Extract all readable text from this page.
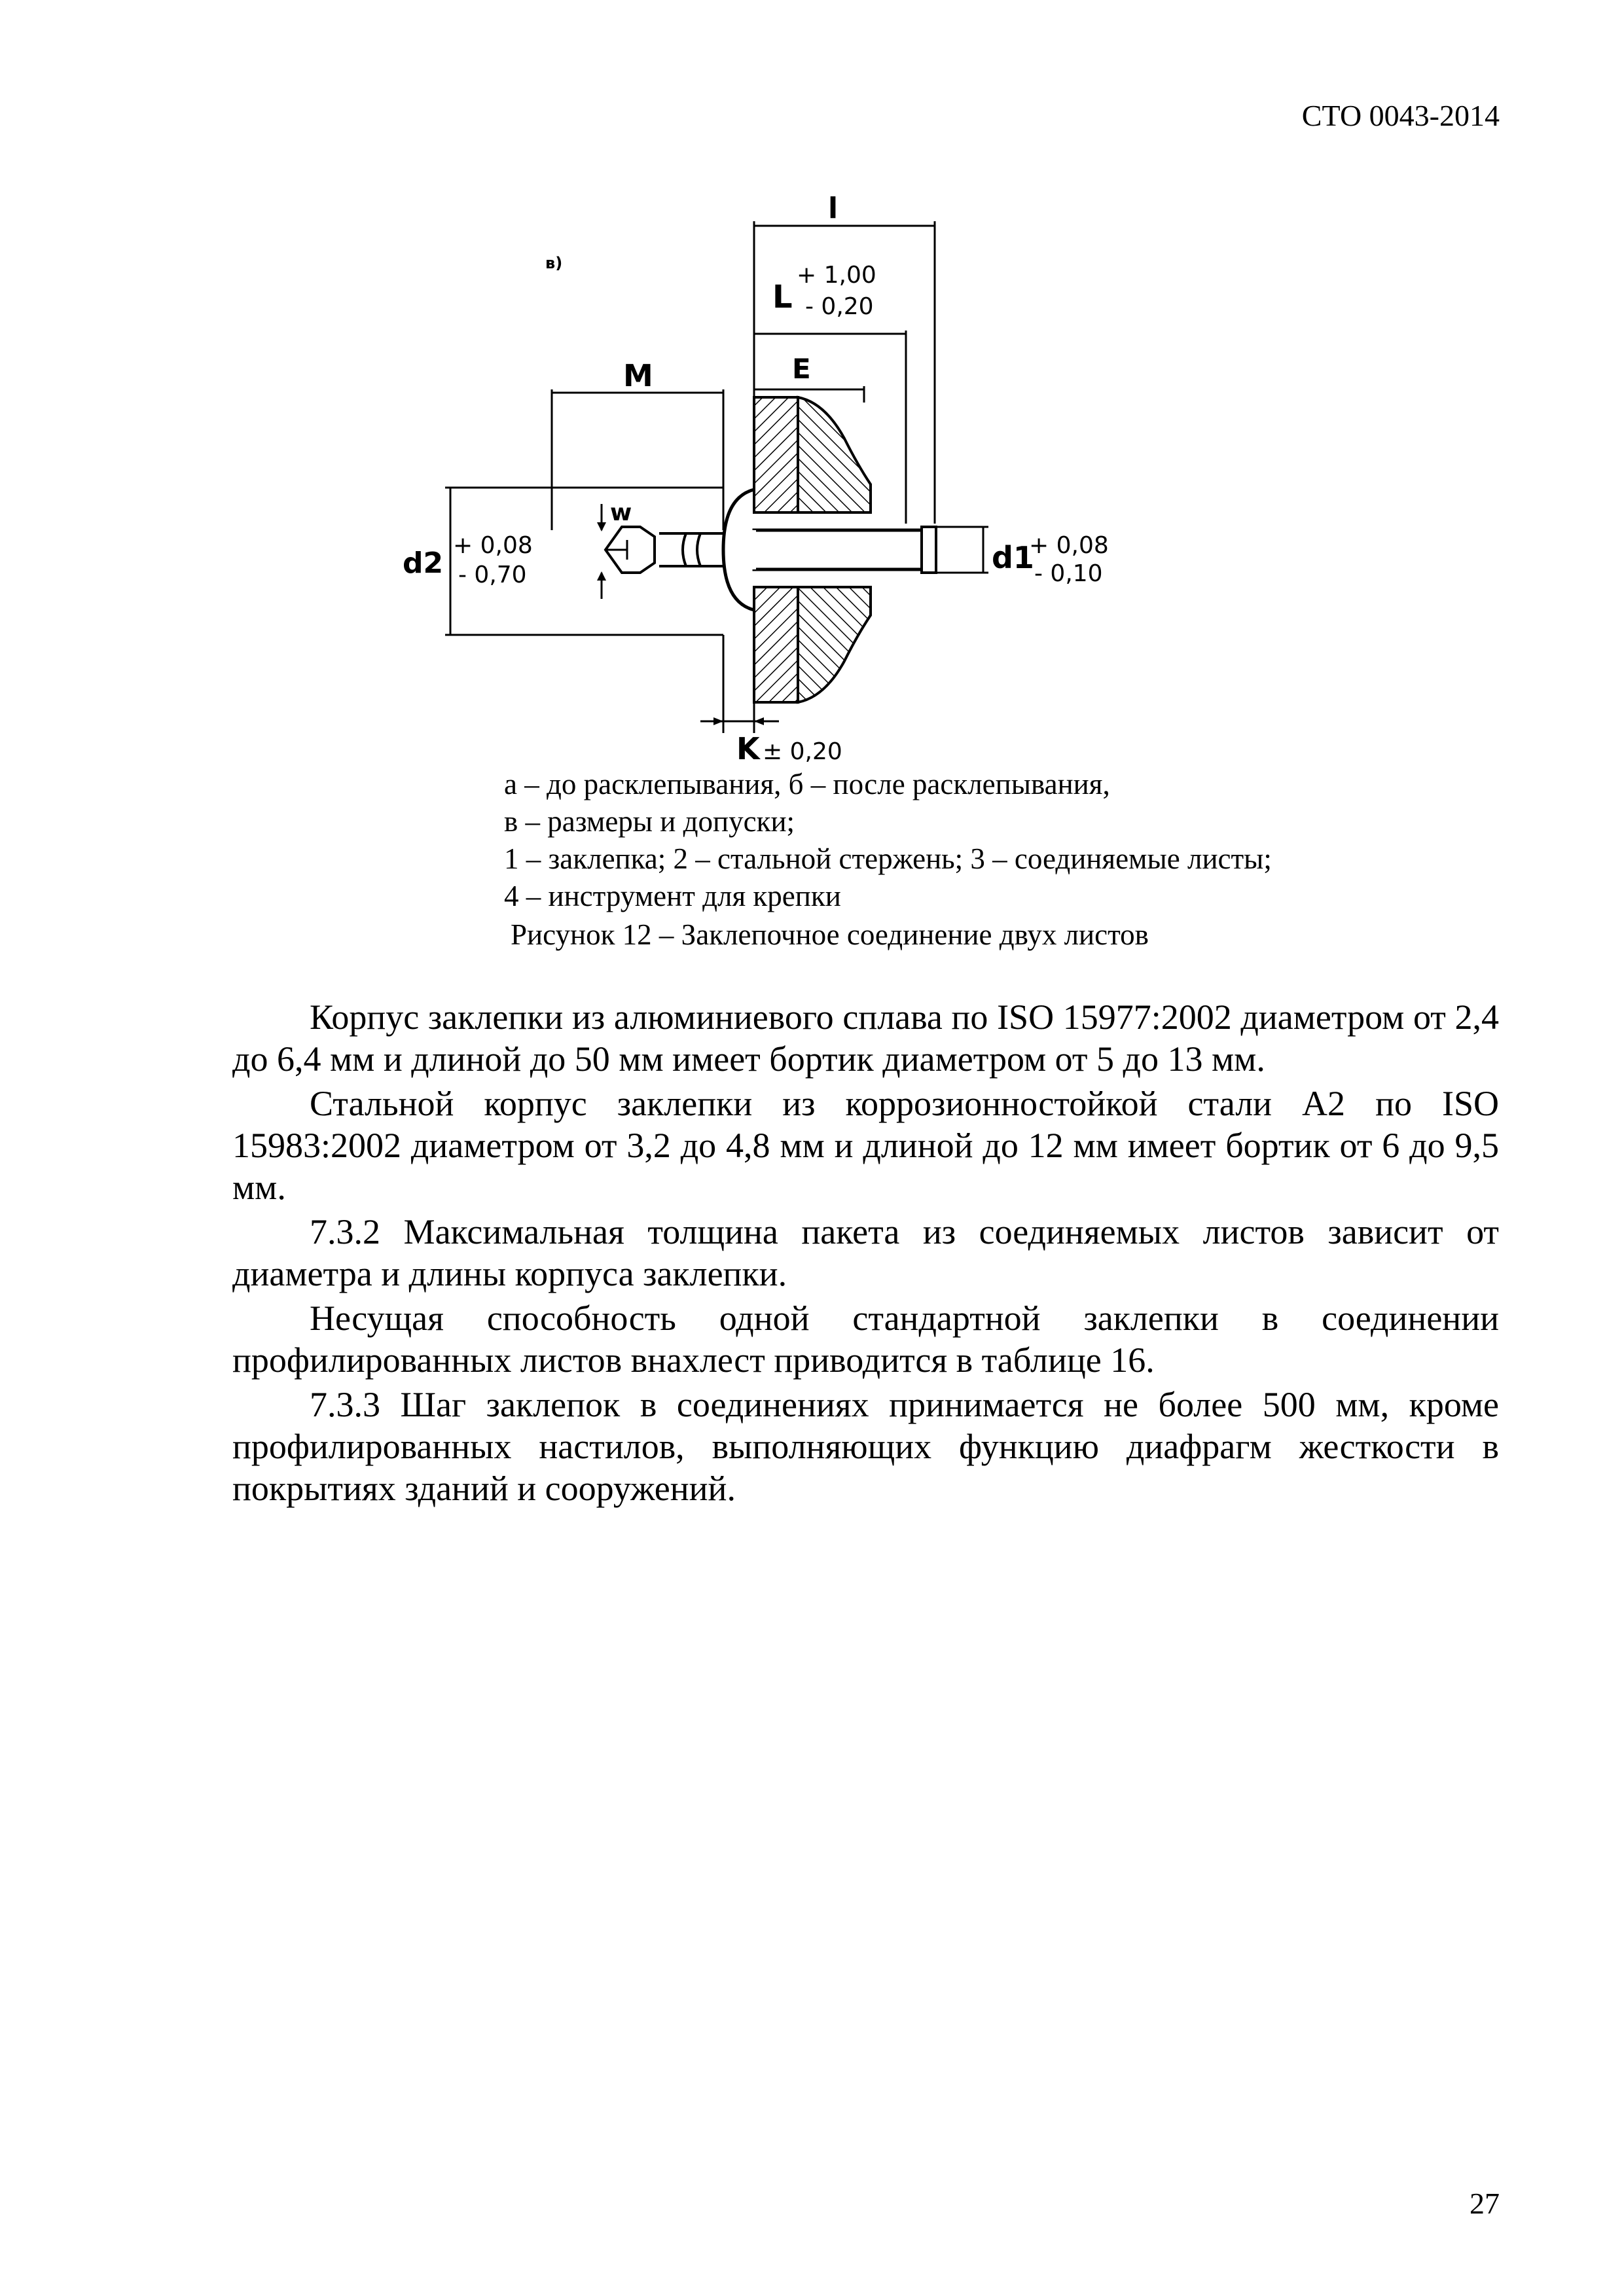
СТО 0043-2014
в)
l
L
+ 1,00
- 0,20
E
M
w
d2
+ 0,08
- 0,70	d1
+ 0,08
- 0,10
K ± 0,20
а – до расклепывания, б – после расклепывания,
в – размеры и допуски;
1 – заклепка; 2 – стальной стержень; 3 – соединяемые листы;
4 – инструмент для крепки
Рисунок 12 – Заклепочное соединение двух листов

Корпус заклепки из алюминиевого сплава по ISO 15977:2002 диаметром от 2,4 до 6,4 мм и длиной до 50 мм имеет бортик диаметром от 5 до 13 мм.

Стальной корпус заклепки из коррозионностойкой стали A2 по ISO 15983:2002 диаметром от 3,2 до 4,8 мм и длиной до 12 мм имеет бортик от 6 до 9,5 мм.

7.3.2 Максимальная толщина пакета из соединяемых листов зависит от диаметра и длины корпуса заклепки.

Несущая способность одной стандартной заклепки в соединении профилированных листов внахлест приводится в таблице 16.

7.3.3 Шаг заклепок в соединениях принимается не более 500 мм, кроме профилированных настилов, выполняющих функцию диафрагм жесткости в покрытиях зданий и сооружений.

27
